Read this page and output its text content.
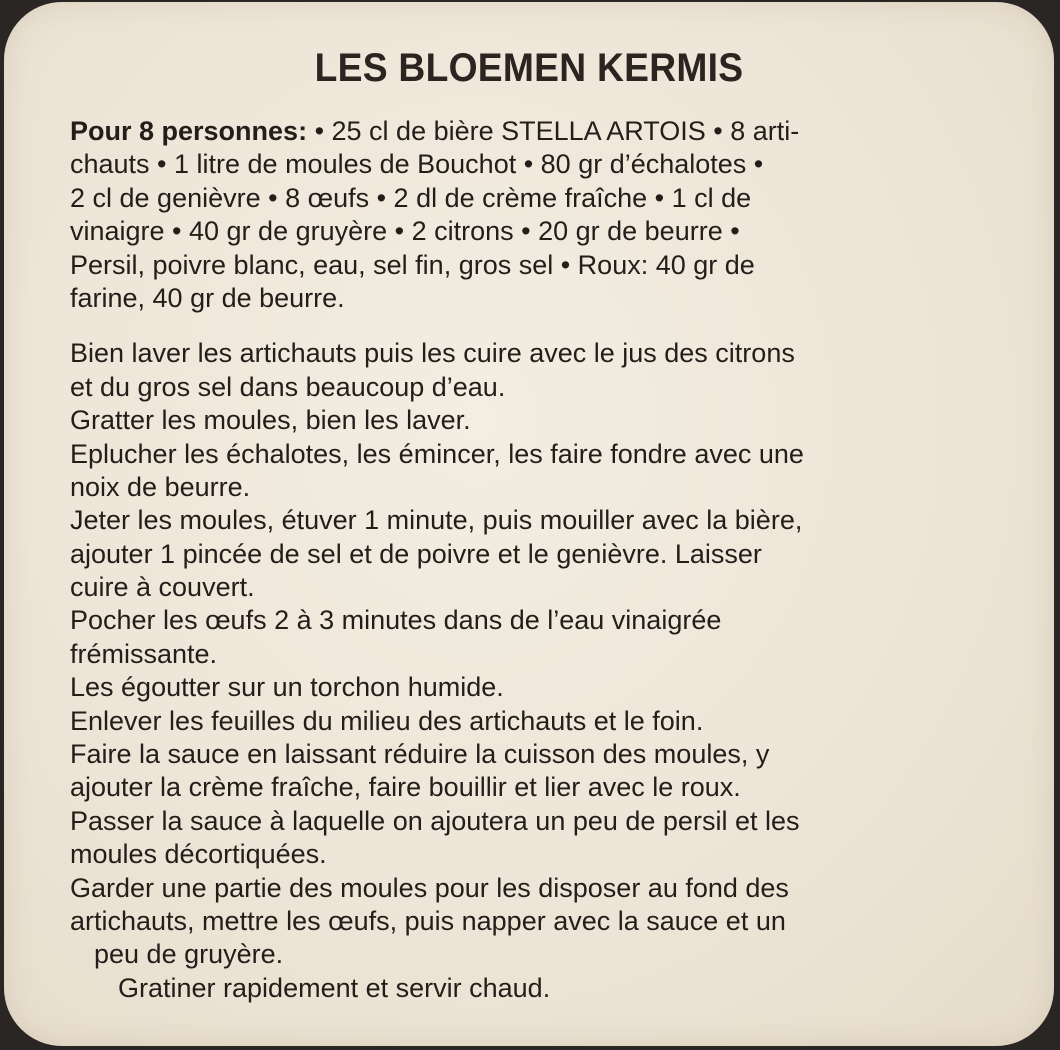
LES BLOEMEN KERMIS
Pour 8 personnes: • 25 cl de bière STELLA ARTOIS • 8 arti-
chauts • 1 litre de moules de Bouchot • 80 gr d’échalotes •
2 cl de genièvre • 8 œufs • 2 dl de crème fraîche • 1 cl de
vinaigre • 40 gr de gruyère • 2 citrons • 20 gr de beurre •
Persil, poivre blanc, eau, sel fin, gros sel • Roux: 40 gr de
farine, 40 gr de beurre.
Bien laver les artichauts puis les cuire avec le jus des citrons
et du gros sel dans beaucoup d’eau.
Gratter les moules, bien les laver.
Eplucher les échalotes, les émincer, les faire fondre avec une
noix de beurre.
Jeter les moules, étuver 1 minute, puis mouiller avec la bière,
ajouter 1 pincée de sel et de poivre et le genièvre. Laisser
cuire à couvert.
Pocher les œufs 2 à 3 minutes dans de l’eau vinaigrée
frémissante.
Les égoutter sur un torchon humide.
Enlever les feuilles du milieu des artichauts et le foin.
Faire la sauce en laissant réduire la cuisson des moules, y
ajouter la crème fraîche, faire bouillir et lier avec le roux.
Passer la sauce à laquelle on ajoutera un peu de persil et les
moules décortiquées.
Garder une partie des moules pour les disposer au fond des
artichauts, mettre les œufs, puis napper avec la sauce et un
peu de gruyère.
Gratiner rapidement et servir chaud.
